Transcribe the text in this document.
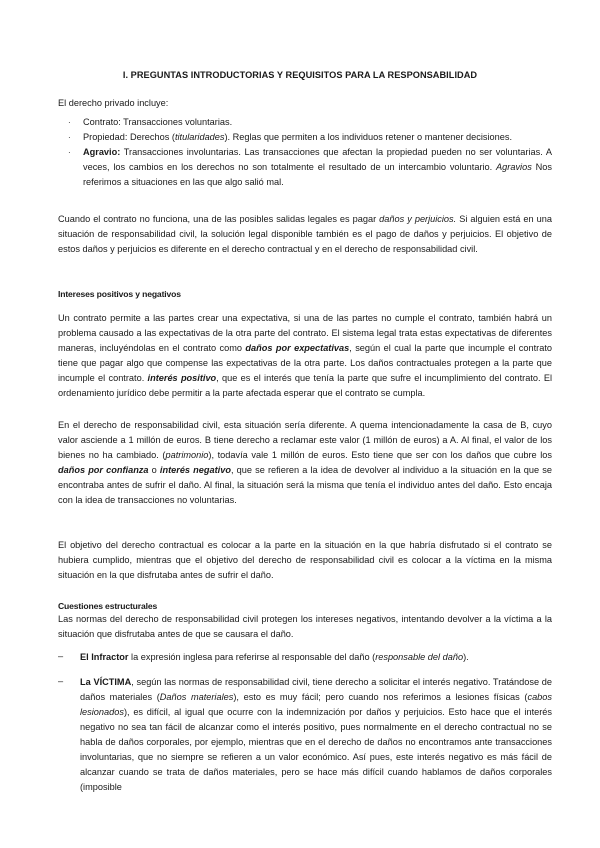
I. PREGUNTAS INTRODUCTORIAS Y REQUISITOS PARA LA RESPONSABILIDAD

El derecho privado incluye:

· Contrato: Transacciones voluntarias.
· Propiedad: Derechos (titularidades). Reglas que permiten a los individuos retener o mantener decisiones.
· Agravio: Transacciones involuntarias. Las transacciones que afectan la propiedad pueden no ser voluntarias. A veces, los cambios en los derechos no son totalmente el resultado de un intercambio voluntario. Agravios Nos referimos a situaciones en las que algo salió mal.

Cuando el contrato no funciona, una de las posibles salidas legales es pagar daños y perjuicios. Si alguien está en una situación de responsabilidad civil, la solución legal disponible también es el pago de daños y perjuicios. El objetivo de estos daños y perjuicios es diferente en el derecho contractual y en el derecho de responsabilidad civil.

Intereses positivos y negativos

Un contrato permite a las partes crear una expectativa, si una de las partes no cumple el contrato, también habrá un problema causado a las expectativas de la otra parte del contrato. El sistema legal trata estas expectativas de diferentes maneras, incluyéndolas en el contrato como daños por expectativas, según el cual la parte que incumple el contrato tiene que pagar algo que compense las expectativas de la otra parte. Los daños contractuales protegen a la parte que incumple el contrato. interés positivo, que es el interés que tenía la parte que sufre el incumplimiento del contrato. El ordenamiento jurídico debe permitir a la parte afectada esperar que el contrato se cumpla.

En el derecho de responsabilidad civil, esta situación sería diferente. A quema intencionadamente la casa de B, cuyo valor asciende a 1 millón de euros. B tiene derecho a reclamar este valor (1 millón de euros) a A. Al final, el valor de los bienes no ha cambiado. (patrimonio), todavía vale 1 millón de euros. Esto tiene que ser con los daños que cubre los daños por confianza o interés negativo, que se refieren a la idea de devolver al individuo a la situación en la que se encontraba antes de sufrir el daño. Al final, la situación será la misma que tenía el individuo antes del daño. Esto encaja con la idea de transacciones no voluntarias.

El objetivo del derecho contractual es colocar a la parte en la situación en la que habría disfrutado si el contrato se hubiera cumplido, mientras que el objetivo del derecho de responsabilidad civil es colocar a la víctima en la misma situación en la que disfrutaba antes de sufrir el daño.

Cuestiones estructurales

Las normas del derecho de responsabilidad civil protegen los intereses negativos, intentando devolver a la víctima a la situación que disfrutaba antes de que se causara el daño.

‒ El Infractor la expresión inglesa para referirse al responsable del daño (responsable del daño).
‒ La VÍCTIMA, según las normas de responsabilidad civil, tiene derecho a solicitar el interés negativo. Tratándose de daños materiales (Daños materiales), esto es muy fácil; pero cuando nos referimos a lesiones físicas (cabos lesionados), es difícil, al igual que ocurre con la indemnización por daños y perjuicios. Esto hace que el interés negativo no sea tan fácil de alcanzar como el interés positivo, pues normalmente en el derecho contractual no se habla de daños corporales, por ejemplo, mientras que en el derecho de daños no encontramos ante transacciones involuntarias, que no siempre se refieren a un valor económico. Así pues, este interés negativo es más fácil de alcanzar cuando se trata de daños materiales, pero se hace más difícil cuando hablamos de daños corporales (imposible
